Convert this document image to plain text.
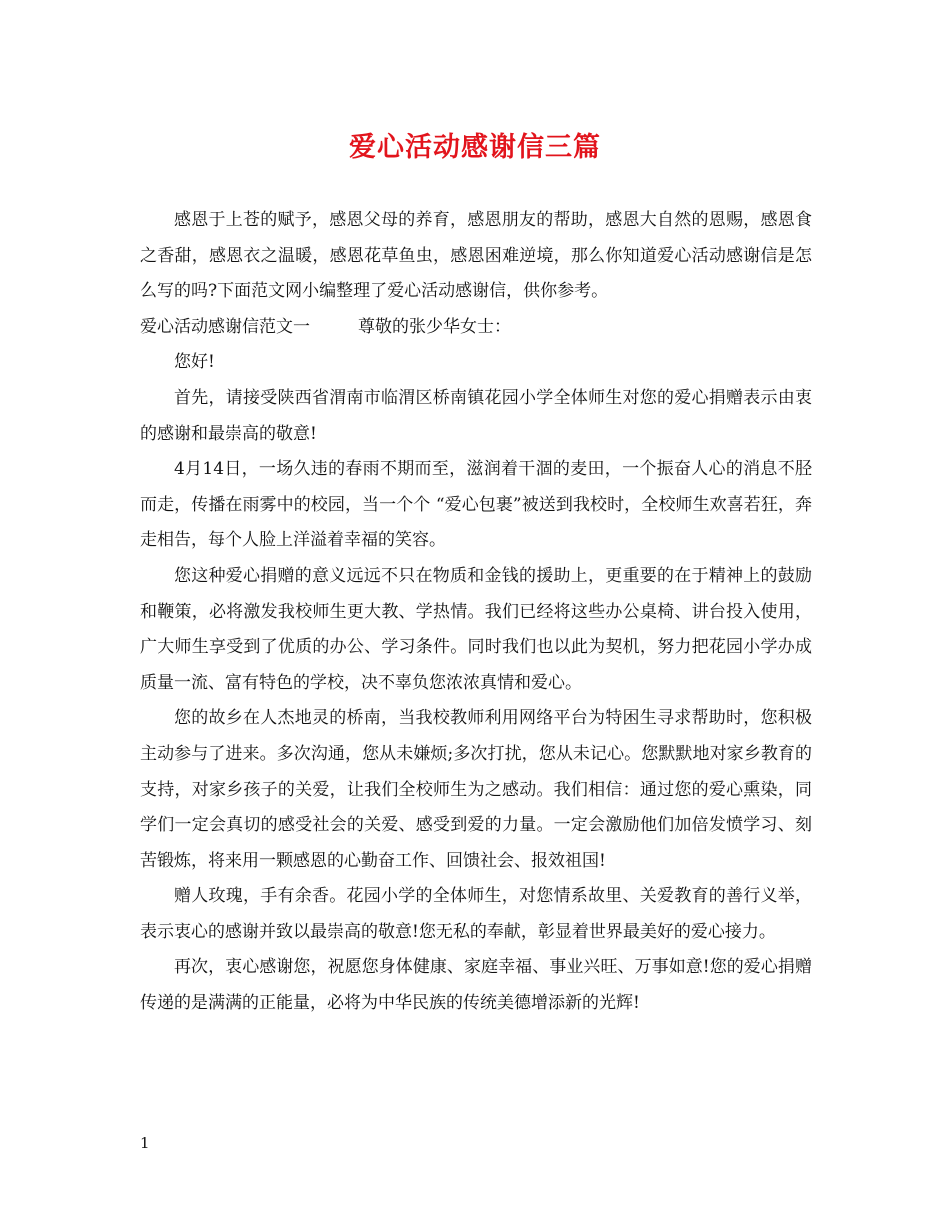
爱心活动感谢信三篇

感恩于上苍的赋予，感恩父母的养育，感恩朋友的帮助，感恩大自然的恩赐，感恩食之香甜，感恩衣之温暖，感恩花草鱼虫，感恩困难逆境，那么你知道爱心活动感谢信是怎么写的吗?下面范文网小编整理了爱心活动感谢信，供你参考。

爱心活动感谢信范文一	尊敬的张少华女士：

您好!

首先，请接受陕西省渭南市临渭区桥南镇花园小学全体师生对您的爱心捐赠表示由衷的感谢和最崇高的敬意!

4月14日，一场久违的春雨不期而至，滋润着干涸的麦田，一个振奋人心的消息不胫而走，传播在雨雾中的校园，当一个个 “爱心包裹”被送到我校时，全校师生欢喜若狂，奔走相告，每个人脸上洋溢着幸福的笑容。

您这种爱心捐赠的意义远远不只在物质和金钱的援助上，更重要的在于精神上的鼓励和鞭策，必将激发我校师生更大教、学热情。我们已经将这些办公桌椅、讲台投入使用，广大师生享受到了优质的办公、学习条件。同时我们也以此为契机，努力把花园小学办成质量一流、富有特色的学校，决不辜负您浓浓真情和爱心。

您的故乡在人杰地灵的桥南，当我校教师利用网络平台为特困生寻求帮助时，您积极主动参与了进来。多次沟通，您从未嫌烦;多次打扰，您从未记心。您默默地对家乡教育的支持，对家乡孩子的关爱，让我们全校师生为之感动。我们相信：通过您的爱心熏染，同学们一定会真切的感受社会的关爱、感受到爱的力量。一定会激励他们加倍发愤学习、刻苦锻炼，将来用一颗感恩的心勤奋工作、回馈社会、报效祖国!

赠人玫瑰，手有余香。花园小学的全体师生，对您情系故里、关爱教育的善行义举，表示衷心的感谢并致以最崇高的敬意!您无私的奉献，彰显着世界最美好的爱心接力。

再次，衷心感谢您，祝愿您身体健康、家庭幸福、事业兴旺、万事如意!您的爱心捐赠传递的是满满的正能量，必将为中华民族的传统美德增添新的光辉!

1
